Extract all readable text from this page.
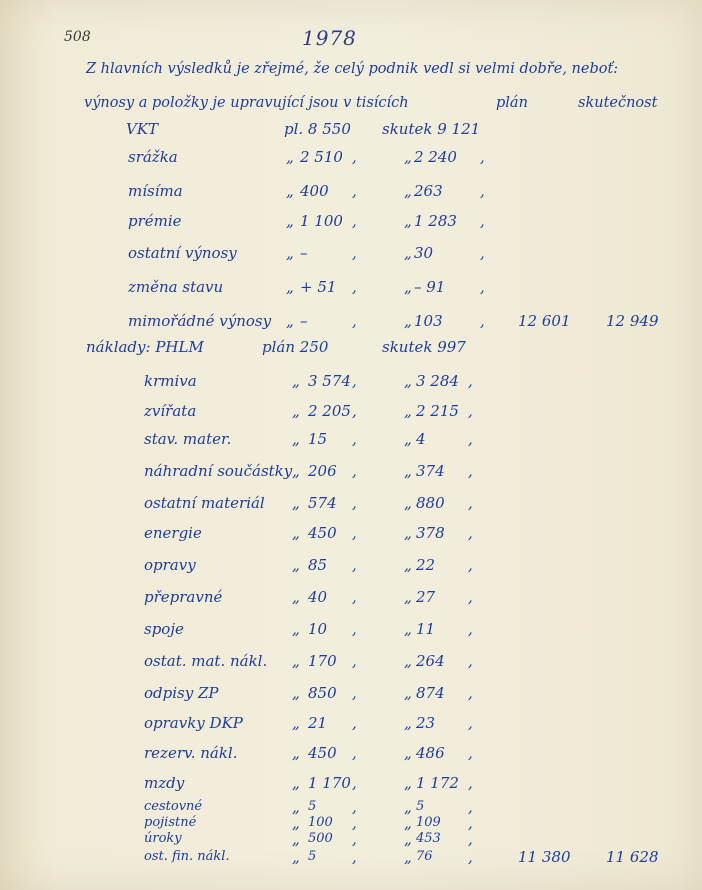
508	1978
Z hlavních výsledků je zřejmé, že celý podnik vedl si velmi dobře, neboť:
výnosy a položky je upravující jsou v tisících	plán	skutečnost
VKT	pl. 8 550 skutek 9 121
srážka	„ 2 510 ,	„ 2 240 ,
mísíma	„ 400 ,	„ 263 ,
prémie	„ 1 100 ,	„ 1 283 ,
ostatní výnosy	„ –	,	„ 30	,
změna stavu	„ + 51 ,	„ – 91 ,
mimořádné výnosy „ –	,	„ 103 , 12 601 12 949
náklady: PHLM	plán 250	skutek 997
krmiva	„ 3 574 ,	„ 3 284 ,
zvířata	„ 2 205 ,	„ 2 215 ,
stav. mater.	„ 15 ,	„ 4	,
náhradní součástky „ 206 ,	„ 374 ,
ostatní materiál „ 574 ,	„ 880 ,
energie	„ 450 ,	„ 378 ,
opravy	„ 85 ,	„ 22 ,
přepravné	„ 40 ,	„ 27 ,
spoje	„ 10 ,	„ 11 ,
ostat. mat. nákl. „ 170 ,	„ 264 ,
odpisy ZP	„ 850 ,	„ 874 ,
opravky DKP	„ 21 ,	„ 23 ,
rezerv. nákl.	„ 450 ,	„ 486 ,
mzdy	„ 1 170 ,	„ 1 172 ,
cestovné	„ 5 ,	„ 5	,
pojistné	„ 100 ,	„ 109 ,
úroky	„ 500 ,	„ 453 ,
ost. fin. nákl.	„ 5 ,	„ 76 ,	11 380 11 628
